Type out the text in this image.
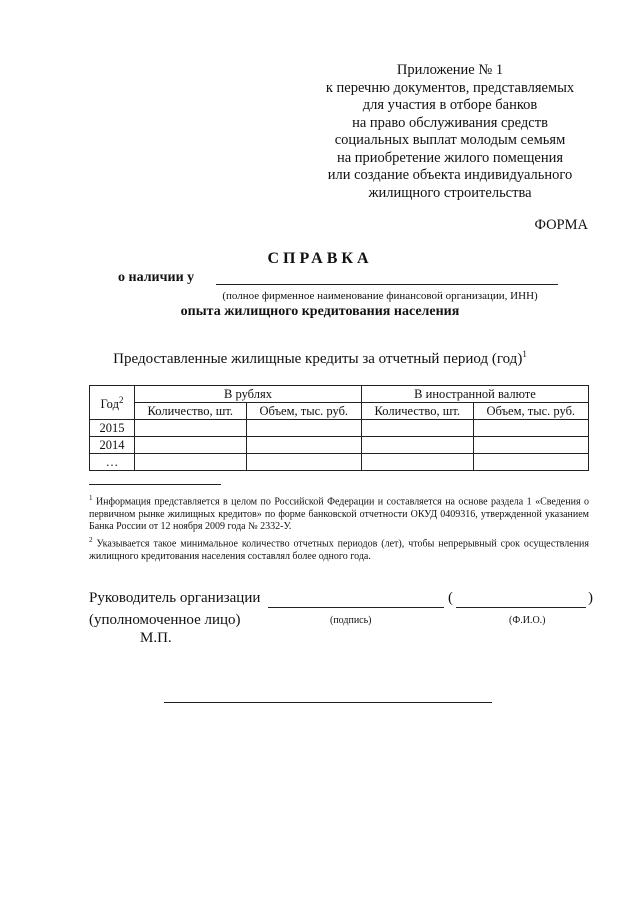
Приложение № 1
к перечню документов, представляемых
для участия в отборе банков
на право обслуживания средств
социальных выплат молодым семьям
на приобретение жилого помещения
или создание объекта индивидуального
жилищного строительства
ФОРМА
СПРАВКА
о наличии у
(полное фирменное наименование финансовой организации, ИНН)
опыта жилищного кредитования населения
Предоставленные жилищные кредиты за отчетный период (год)$^1$
Год$^2$	В рублях		В иностранной валюте	
	Количество, шт.	Объем, тыс. руб.	Количество, шт.	Объем, тыс. руб.
2015				
2014				
…				

$^1$ Информация представляется в целом по Российской Федерации и составляется на основе раздела 1 «Сведения о первичном рынке жилищных кредитов» по форме банковской отчетности ОКУД 0409316, утвержденной указанием Банка России от 12 ноября 2009 года № 2332-У.

$^2$ Указывается такое минимальное количество отчетных периодов (лет), чтобы непрерывный срок осуществления жилищного кредитования населения составлял более одного года.

Руководитель организации	(	)
(уполномоченное лицо)	(подпись)	(Ф.И.О.)
М.П.
